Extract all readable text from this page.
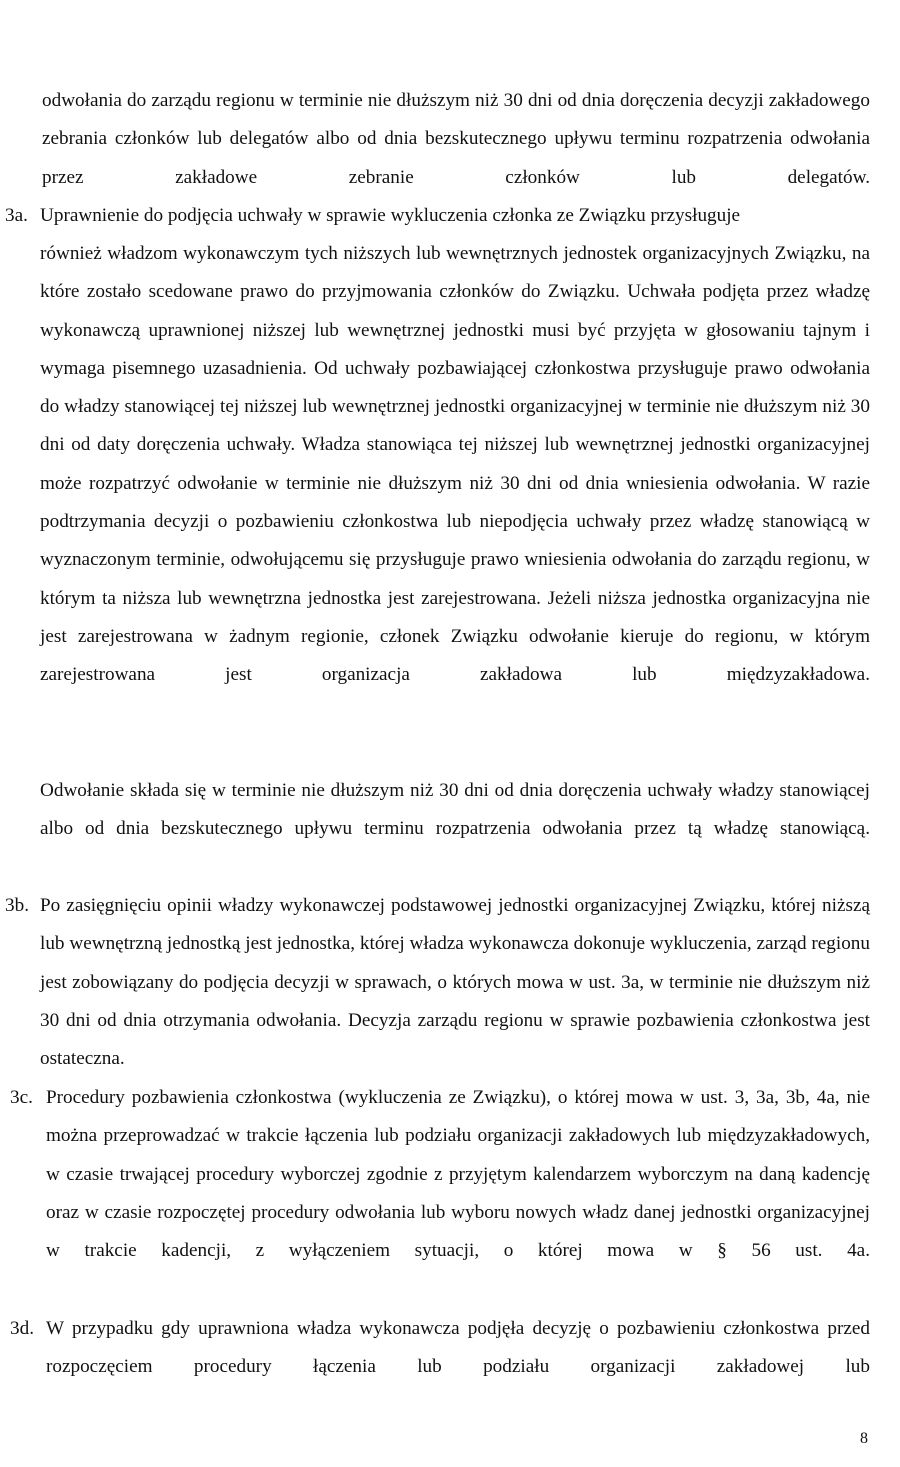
odwołania do zarządu regionu w terminie nie dłuższym niż 30 dni od dnia doręczenia decyzji zakładowego zebrania członków lub delegatów albo od dnia bezskutecznego upływu terminu rozpatrzenia odwołania przez zakładowe zebranie członków lub delegatów.

3a. Uprawnienie do podjęcia uchwały w sprawie wykluczenia członka ze Związku przysługuje

również władzom wykonawczym tych niższych lub wewnętrznych jednostek organizacyjnych Związku, na które zostało scedowane prawo do przyjmowania członków do Związku. Uchwała podjęta przez władzę wykonawczą uprawnionej niższej lub wewnętrznej jednostki musi być przyjęta w głosowaniu tajnym i wymaga pisemnego uzasadnienia. Od uchwały pozbawiającej członkostwa przysługuje prawo odwołania do władzy stanowiącej tej niższej lub wewnętrznej jednostki organizacyjnej w terminie nie dłuższym niż 30 dni od daty doręczenia uchwały. Władza stanowiąca tej niższej lub wewnętrznej jednostki organizacyjnej może rozpatrzyć odwołanie w terminie nie dłuższym niż 30 dni od dnia wniesienia odwołania. W razie podtrzymania decyzji o pozbawieniu członkostwa lub niepodjęcia uchwały przez władzę stanowiącą w wyznaczonym terminie, odwołującemu się przysługuje prawo wniesienia odwołania do zarządu regionu, w którym ta niższa lub wewnętrzna jednostka jest zarejestrowana. Jeżeli niższa jednostka organizacyjna nie jest zarejestrowana w żadnym regionie, członek Związku odwołanie kieruje do regionu, w którym zarejestrowana jest organizacja zakładowa lub międzyzakładowa.

Odwołanie składa się w terminie nie dłuższym niż 30 dni od dnia doręczenia uchwały władzy stanowiącej albo od dnia bezskutecznego upływu terminu rozpatrzenia odwołania przez tą władzę stanowiącą.

3b. Po zasięgnięciu opinii władzy wykonawczej podstawowej jednostki organizacyjnej Związku, której niższą lub wewnętrzną jednostką jest jednostka, której władza wykonawcza dokonuje wykluczenia, zarząd regionu jest zobowiązany do podjęcia decyzji w sprawach, o których mowa w ust. 3a, w terminie nie dłuższym niż 30 dni od dnia otrzymania odwołania. Decyzja zarządu regionu w sprawie pozbawienia członkostwa jest ostateczna.

3c. Procedury pozbawienia członkostwa (wykluczenia ze Związku), o której mowa w ust. 3, 3a, 3b, 4a, nie można przeprowadzać w trakcie łączenia lub podziału organizacji zakładowych lub międzyzakładowych, w czasie trwającej procedury wyborczej zgodnie z przyjętym kalendarzem wyborczym na daną kadencję oraz w czasie rozpoczętej procedury odwołania lub wyboru nowych władz danej jednostki organizacyjnej w trakcie kadencji, z wyłączeniem sytuacji, o której mowa w § 56 ust. 4a.

3d. W przypadku gdy uprawniona władza wykonawcza podjęła decyzję o pozbawieniu członkostwa przed rozpoczęciem procedury łączenia lub podziału organizacji zakładowej lub

8
